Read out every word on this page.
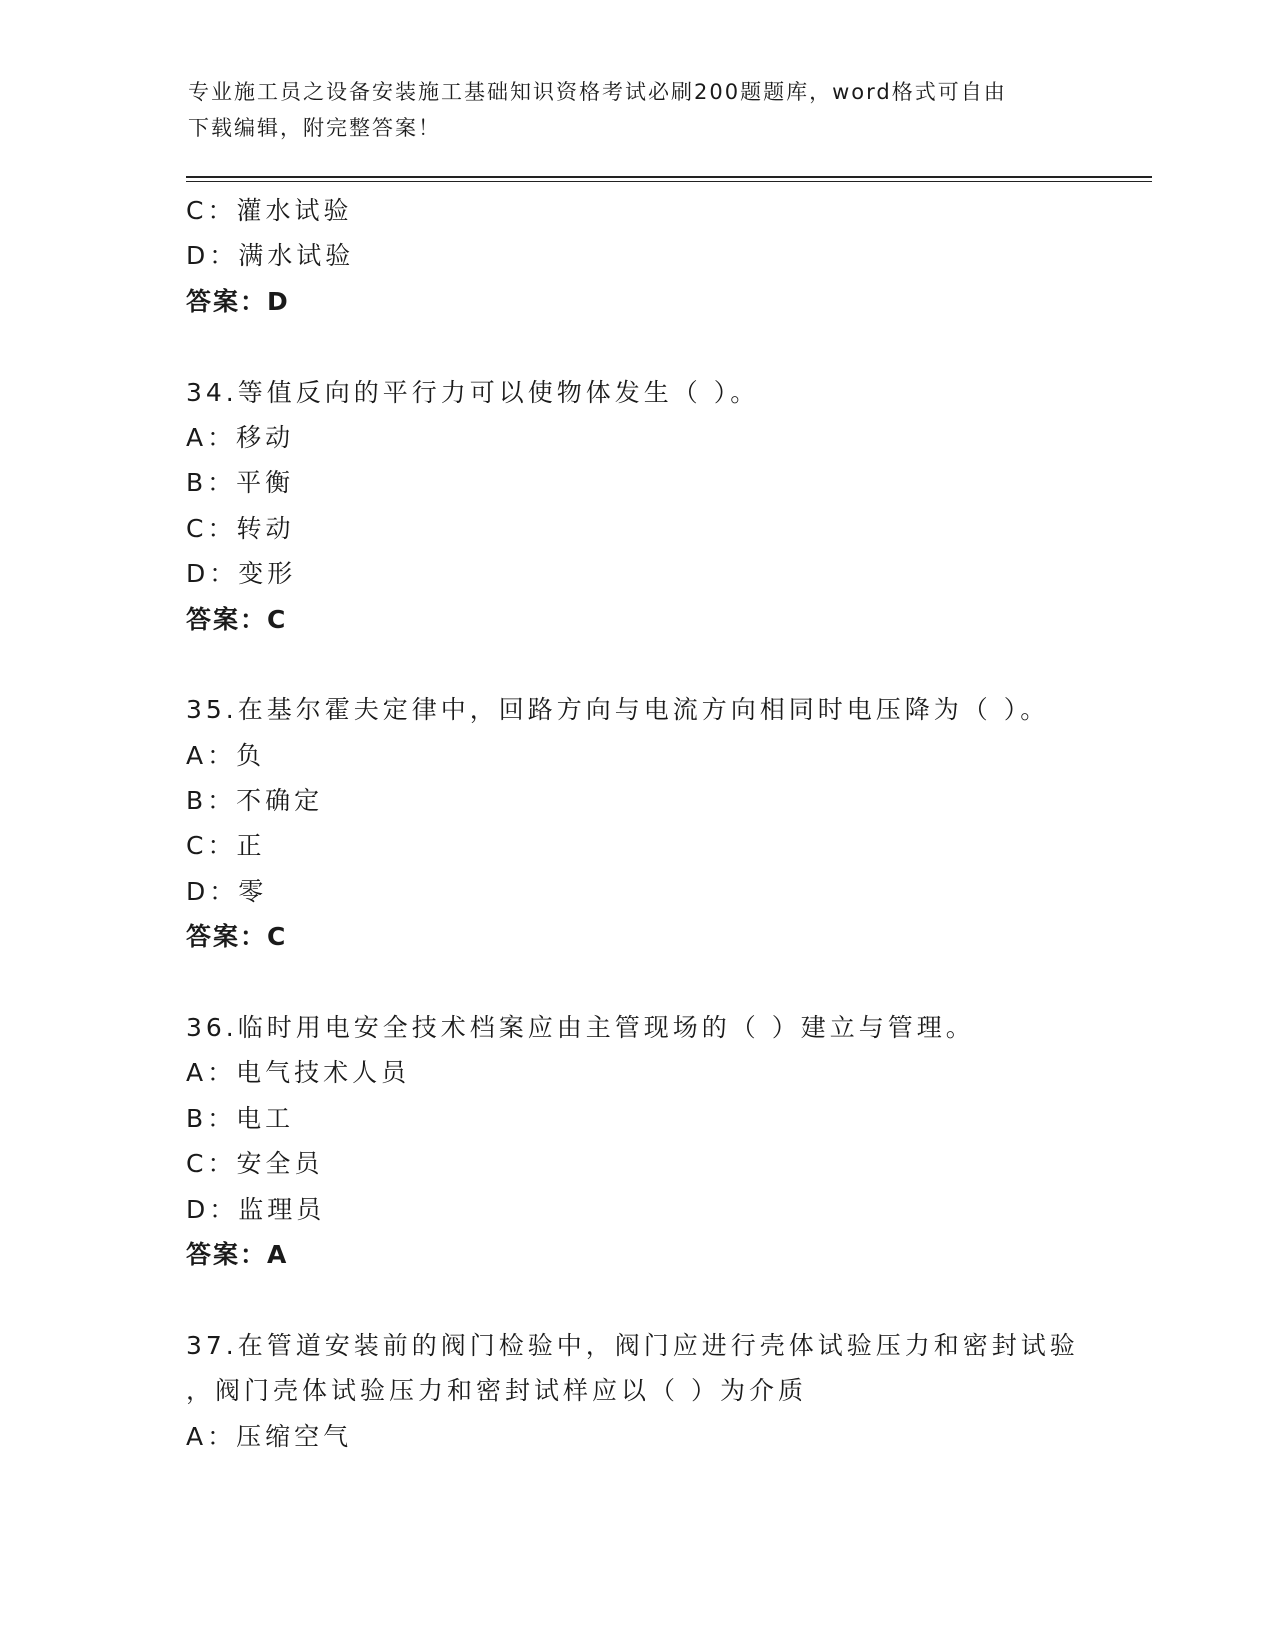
专业施工员之设备安装施工基础知识资格考试必刷200题题库，word格式可自由
下载编辑，附完整答案！
C：灌水试验
D：满水试验
答案：D
34.等值反向的平行力可以使物体发生（ ）。
A：移动
B：平衡
C：转动
D：变形
答案：C
35.在基尔霍夫定律中，回路方向与电流方向相同时电压降为（ ）。
A：负
B：不确定
C：正
D：零
答案：C
36.临时用电安全技术档案应由主管现场的（ ）建立与管理。
A：电气技术人员
B：电工
C：安全员
D：监理员
答案：A
37.在管道安装前的阀门检验中，阀门应进行壳体试验压力和密封试验
，阀门壳体试验压力和密封试样应以（ ）为介质
A：压缩空气
